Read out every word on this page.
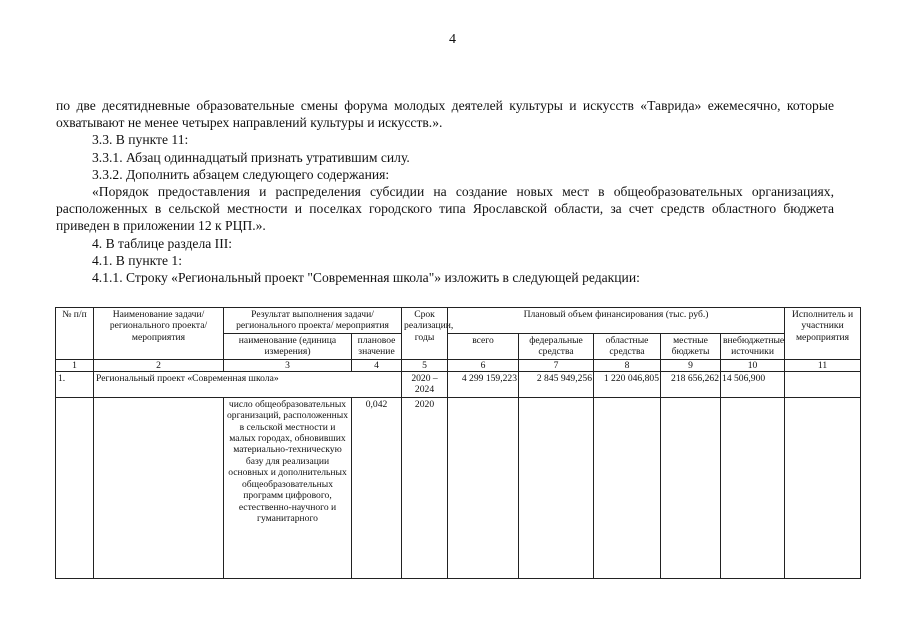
4

по две десятидневные образовательные смены форума молодых деятелей культуры и искусств «Таврида» ежемесячно, которые охватывают не менее четырех направлений культуры и искусств.».

3.3. В пункте 11:

3.3.1. Абзац одиннадцатый признать утратившим силу.

3.3.2. Дополнить абзацем следующего содержания:

«Порядок предоставления и распределения субсидии на создание новых мест в общеобразовательных организациях, расположенных в сельской местности и поселках городского типа Ярославской области, за счет средств областного бюджета приведен в приложении 12 к РЦП.».

4. В таблице раздела III:

4.1. В пункте 1:

4.1.1. Строку «Региональный проект "Современная школа"» изложить в следующей редакции:

№ п/п	Наименование задачи/ регионального проекта/ мероприятия	Результат выполнения задачи/ регионального проекта/ мероприятия		Срок реализации, годы	Плановый объем финансирования (тыс. руб.)					Исполнитель и участники мероприятия
		наименование (единица измерения)	плановое значение		всего	федеральные средства	областные средства	местные бюджеты	внебюджетные источники	
1	2	3	4	5	6	7	8	9	10	11
1.	Региональный проект «Современная школа»			2020 – 2024	4 299 159,223	2 845 949,256	1 220 046,805	218 656,262	14 506,900	
		число общеобразовательных организаций, расположенных в сельской местности и малых городах, обновивших материально-техническую базу для реализации основных и дополнительных общеобразовательных программ цифрового, естественно-научного и гуманитарного	0,042	2020						
